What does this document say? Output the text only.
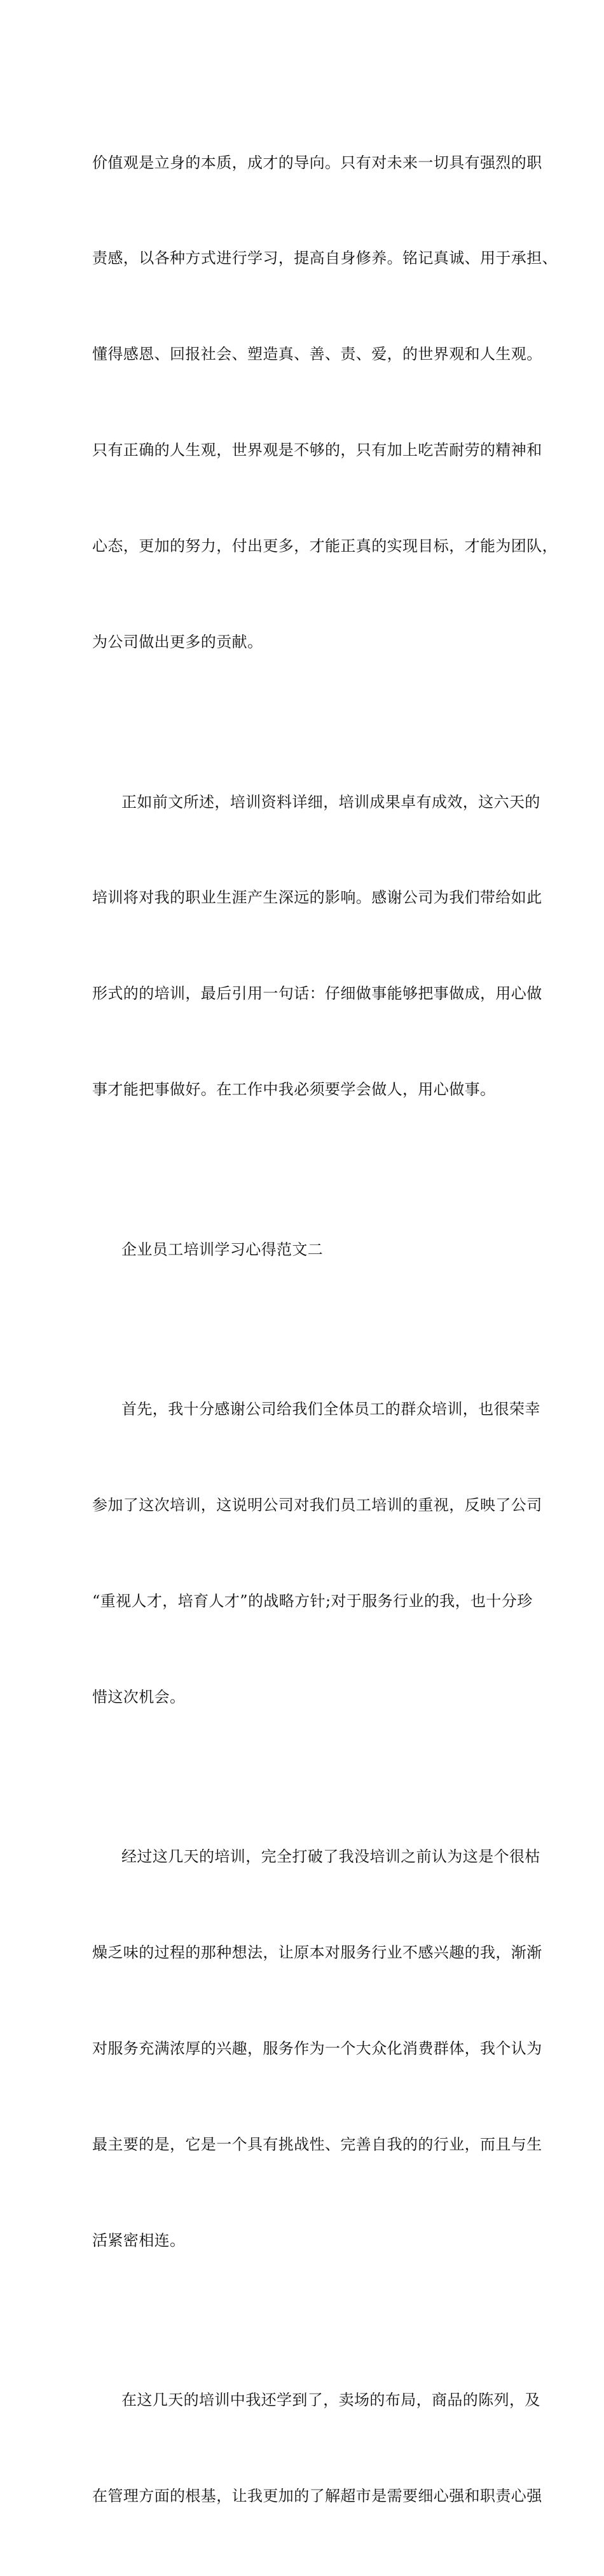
价值观是立身的本质，成才的导向。只有对未来一切具有强烈的职

责感，以各种方式进行学习，提高自身修养。铭记真诚、用于承担、

懂得感恩、回报社会、塑造真、善、责、爱，的世界观和人生观。

只有正确的人生观，世界观是不够的，只有加上吃苦耐劳的精神和

心态，更加的努力，付出更多，才能正真的实现目标，才能为团队，

为公司做出更多的贡献。

正如前文所述，培训资料详细，培训成果卓有成效，这六天的

培训将对我的职业生涯产生深远的影响。感谢公司为我们带给如此

形式的的培训，最后引用一句话：仔细做事能够把事做成，用心做

事才能把事做好。在工作中我必须要学会做人，用心做事。

企业员工培训学习心得范文二

首先，我十分感谢公司给我们全体员工的群众培训，也很荣幸

参加了这次培训，这说明公司对我们员工培训的重视，反映了公司

“重视人才，培育人才”的战略方针;对于服务行业的我，也十分珍

惜这次机会。

经过这几天的培训，完全打破了我没培训之前认为这是个很枯

燥乏味的过程的那种想法，让原本对服务行业不感兴趣的我，渐渐

对服务充满浓厚的兴趣，服务作为一个大众化消费群体，我个认为

最主要的是，它是一个具有挑战性、完善自我的的行业，而且与生

活紧密相连。

在这几天的培训中我还学到了，卖场的布局，商品的陈列，及

在管理方面的根基，让我更加的了解超市是需要细心强和职责心强
